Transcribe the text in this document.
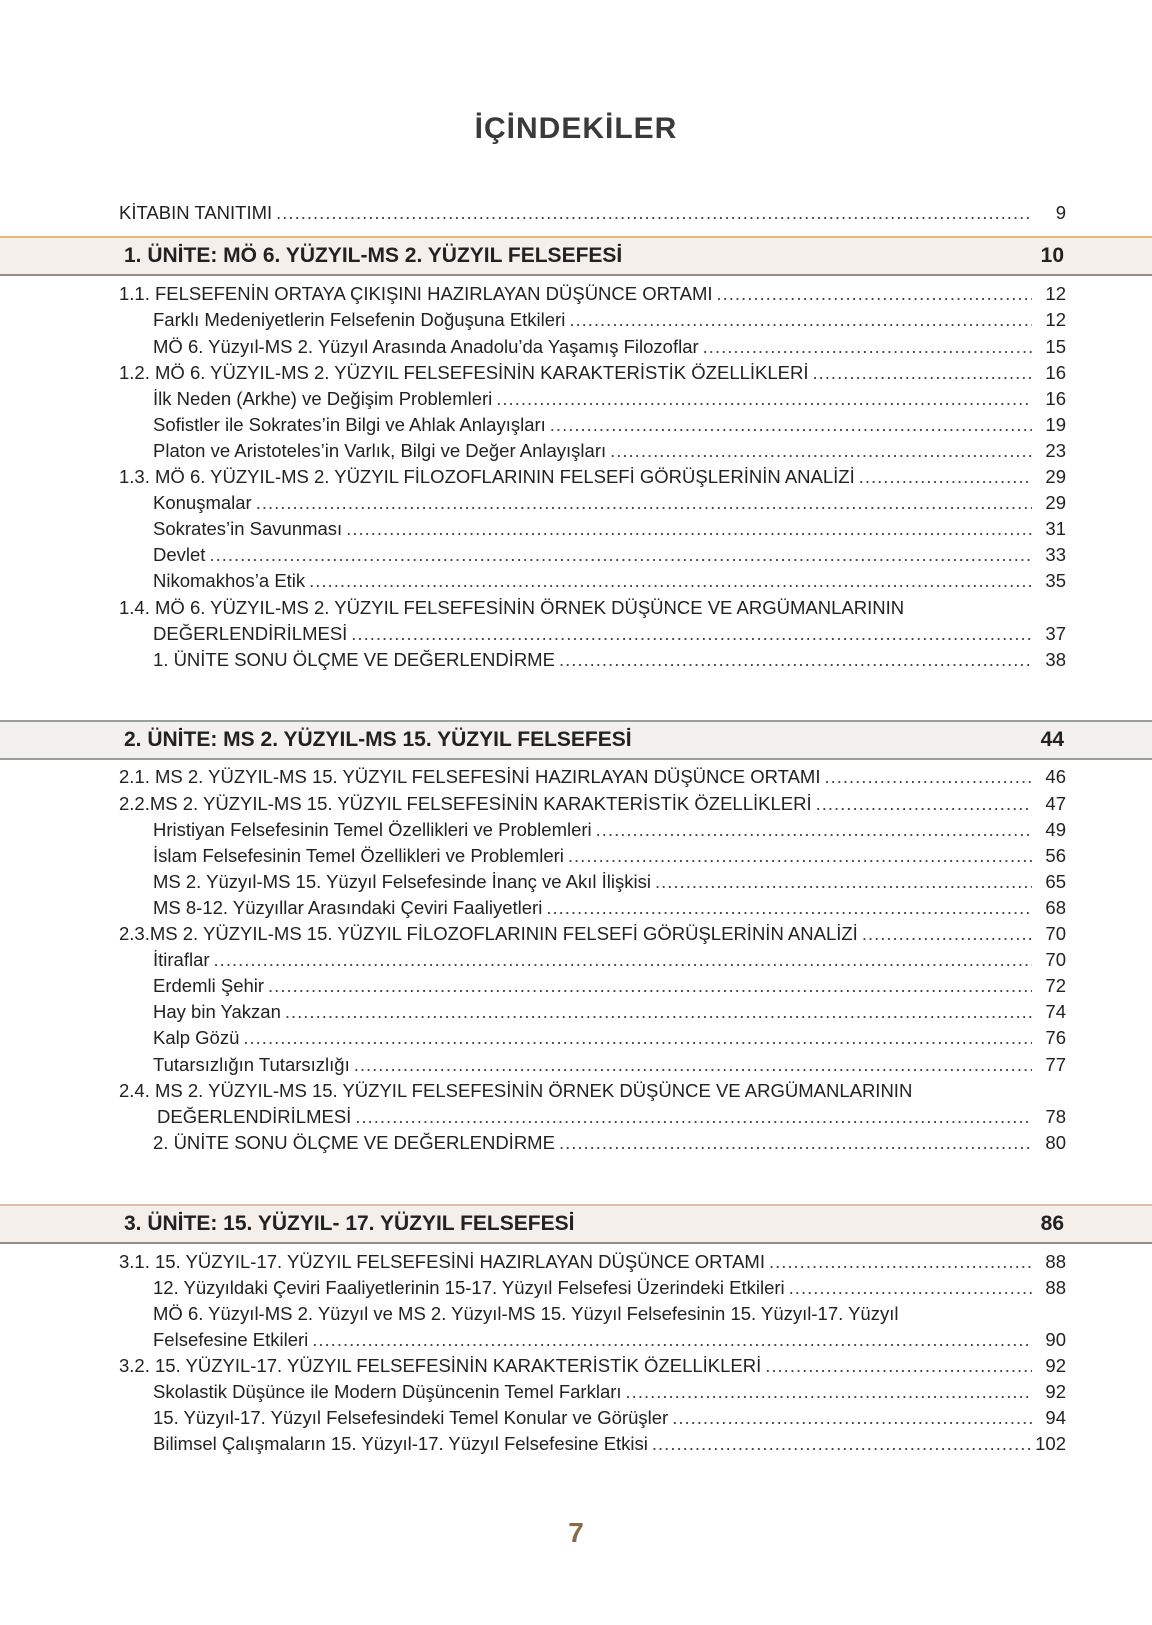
İÇİNDEKİLER
KİTABIN TANITIMI .....	9
1. ÜNİTE: MÖ 6. YÜZYIL-MS 2. YÜZYIL FELSEFESİ	10
1.1. FELSEFENİN ORTAYA ÇIKIŞINI HAZIRLAYAN DÜŞÜNCE ORTAMI .....	12
Farklı Medeniyetlerin Felsefenin Doğuşuna Etkileri .....	12
MÖ 6. Yüzyıl-MS 2. Yüzyıl Arasında Anadolu’da Yaşamış Filozoflar .....	15
1.2. MÖ 6. YÜZYIL-MS 2. YÜZYIL FELSEFESİNİN KARAKTERİSTİK ÖZELLİKLERİ .....	16
İlk Neden (Arkhe) ve Değişim Problemleri .....	16
Sofistler ile Sokrates’in Bilgi ve Ahlak Anlayışları .....	19
Platon ve Aristoteles’in Varlık, Bilgi ve Değer Anlayışları .....	23
1.3. MÖ 6. YÜZYIL-MS 2. YÜZYIL FİLOZOFLARININ FELSEFİ GÖRÜŞLERİNİN ANALİZİ .....	29
Konuşmalar .....	29
Sokrates’in Savunması .....	31
Devlet .....	33
Nikomakhos’a Etik .....	35
1.4. MÖ 6. YÜZYIL-MS 2. YÜZYIL FELSEFESİNİN ÖRNEK DÜŞÜNCE VE ARGÜMANLARININ
DEĞERLENDİRİLMESİ .....	37
1. ÜNİTE SONU ÖLÇME VE DEĞERLENDİRME .....	38
2. ÜNİTE: MS 2. YÜZYIL-MS 15. YÜZYIL FELSEFESİ	44
2.1. MS 2. YÜZYIL-MS 15. YÜZYIL FELSEFESİNİ HAZIRLAYAN DÜŞÜNCE ORTAMI .....	46
2.2.MS 2. YÜZYIL-MS 15. YÜZYIL FELSEFESİNİN KARAKTERİSTİK ÖZELLİKLERİ .....	47
Hristiyan Felsefesinin Temel Özellikleri ve Problemleri .....	49
İslam Felsefesinin Temel Özellikleri ve Problemleri .....	56
MS 2. Yüzyıl-MS 15. Yüzyıl Felsefesinde İnanç ve Akıl İlişkisi .....	65
MS 8-12. Yüzyıllar Arasındaki Çeviri Faaliyetleri .....	68
2.3.MS 2. YÜZYIL-MS 15. YÜZYIL FİLOZOFLARININ FELSEFİ GÖRÜŞLERİNİN ANALİZİ .....	70
İtiraflar .....	70
Erdemli Şehir .....	72
Hay bin Yakzan .....	74
Kalp Gözü .....	76
Tutarsızlığın Tutarsızlığı .....	77
2.4. MS 2. YÜZYIL-MS 15. YÜZYIL FELSEFESİNİN ÖRNEK DÜŞÜNCE VE ARGÜMANLARININ
DEĞERLENDİRİLMESİ .....	78
2. ÜNİTE SONU ÖLÇME VE DEĞERLENDİRME .....	80
3. ÜNİTE: 15. YÜZYIL- 17. YÜZYIL FELSEFESİ	86
3.1. 15. YÜZYIL-17. YÜZYIL FELSEFESİNİ HAZIRLAYAN DÜŞÜNCE ORTAMI .....	88
12. Yüzyıldaki Çeviri Faaliyetlerinin 15-17. Yüzyıl Felsefesi Üzerindeki Etkileri .....	88
MÖ 6. Yüzyıl-MS 2. Yüzyıl ve MS 2. Yüzyıl-MS 15. Yüzyıl Felsefesinin 15. Yüzyıl-17. Yüzyıl
Felsefesine Etkileri .....	90
3.2. 15. YÜZYIL-17. YÜZYIL FELSEFESİNİN KARAKTERİSTİK ÖZELLİKLERİ .....	92
Skolastik Düşünce ile Modern Düşüncenin Temel Farkları .....	92
15. Yüzyıl-17. Yüzyıl Felsefesindeki Temel Konular ve Görüşler .....	94
Bilimsel Çalışmaların 15. Yüzyıl-17. Yüzyıl Felsefesine Etkisi .....	102
7
